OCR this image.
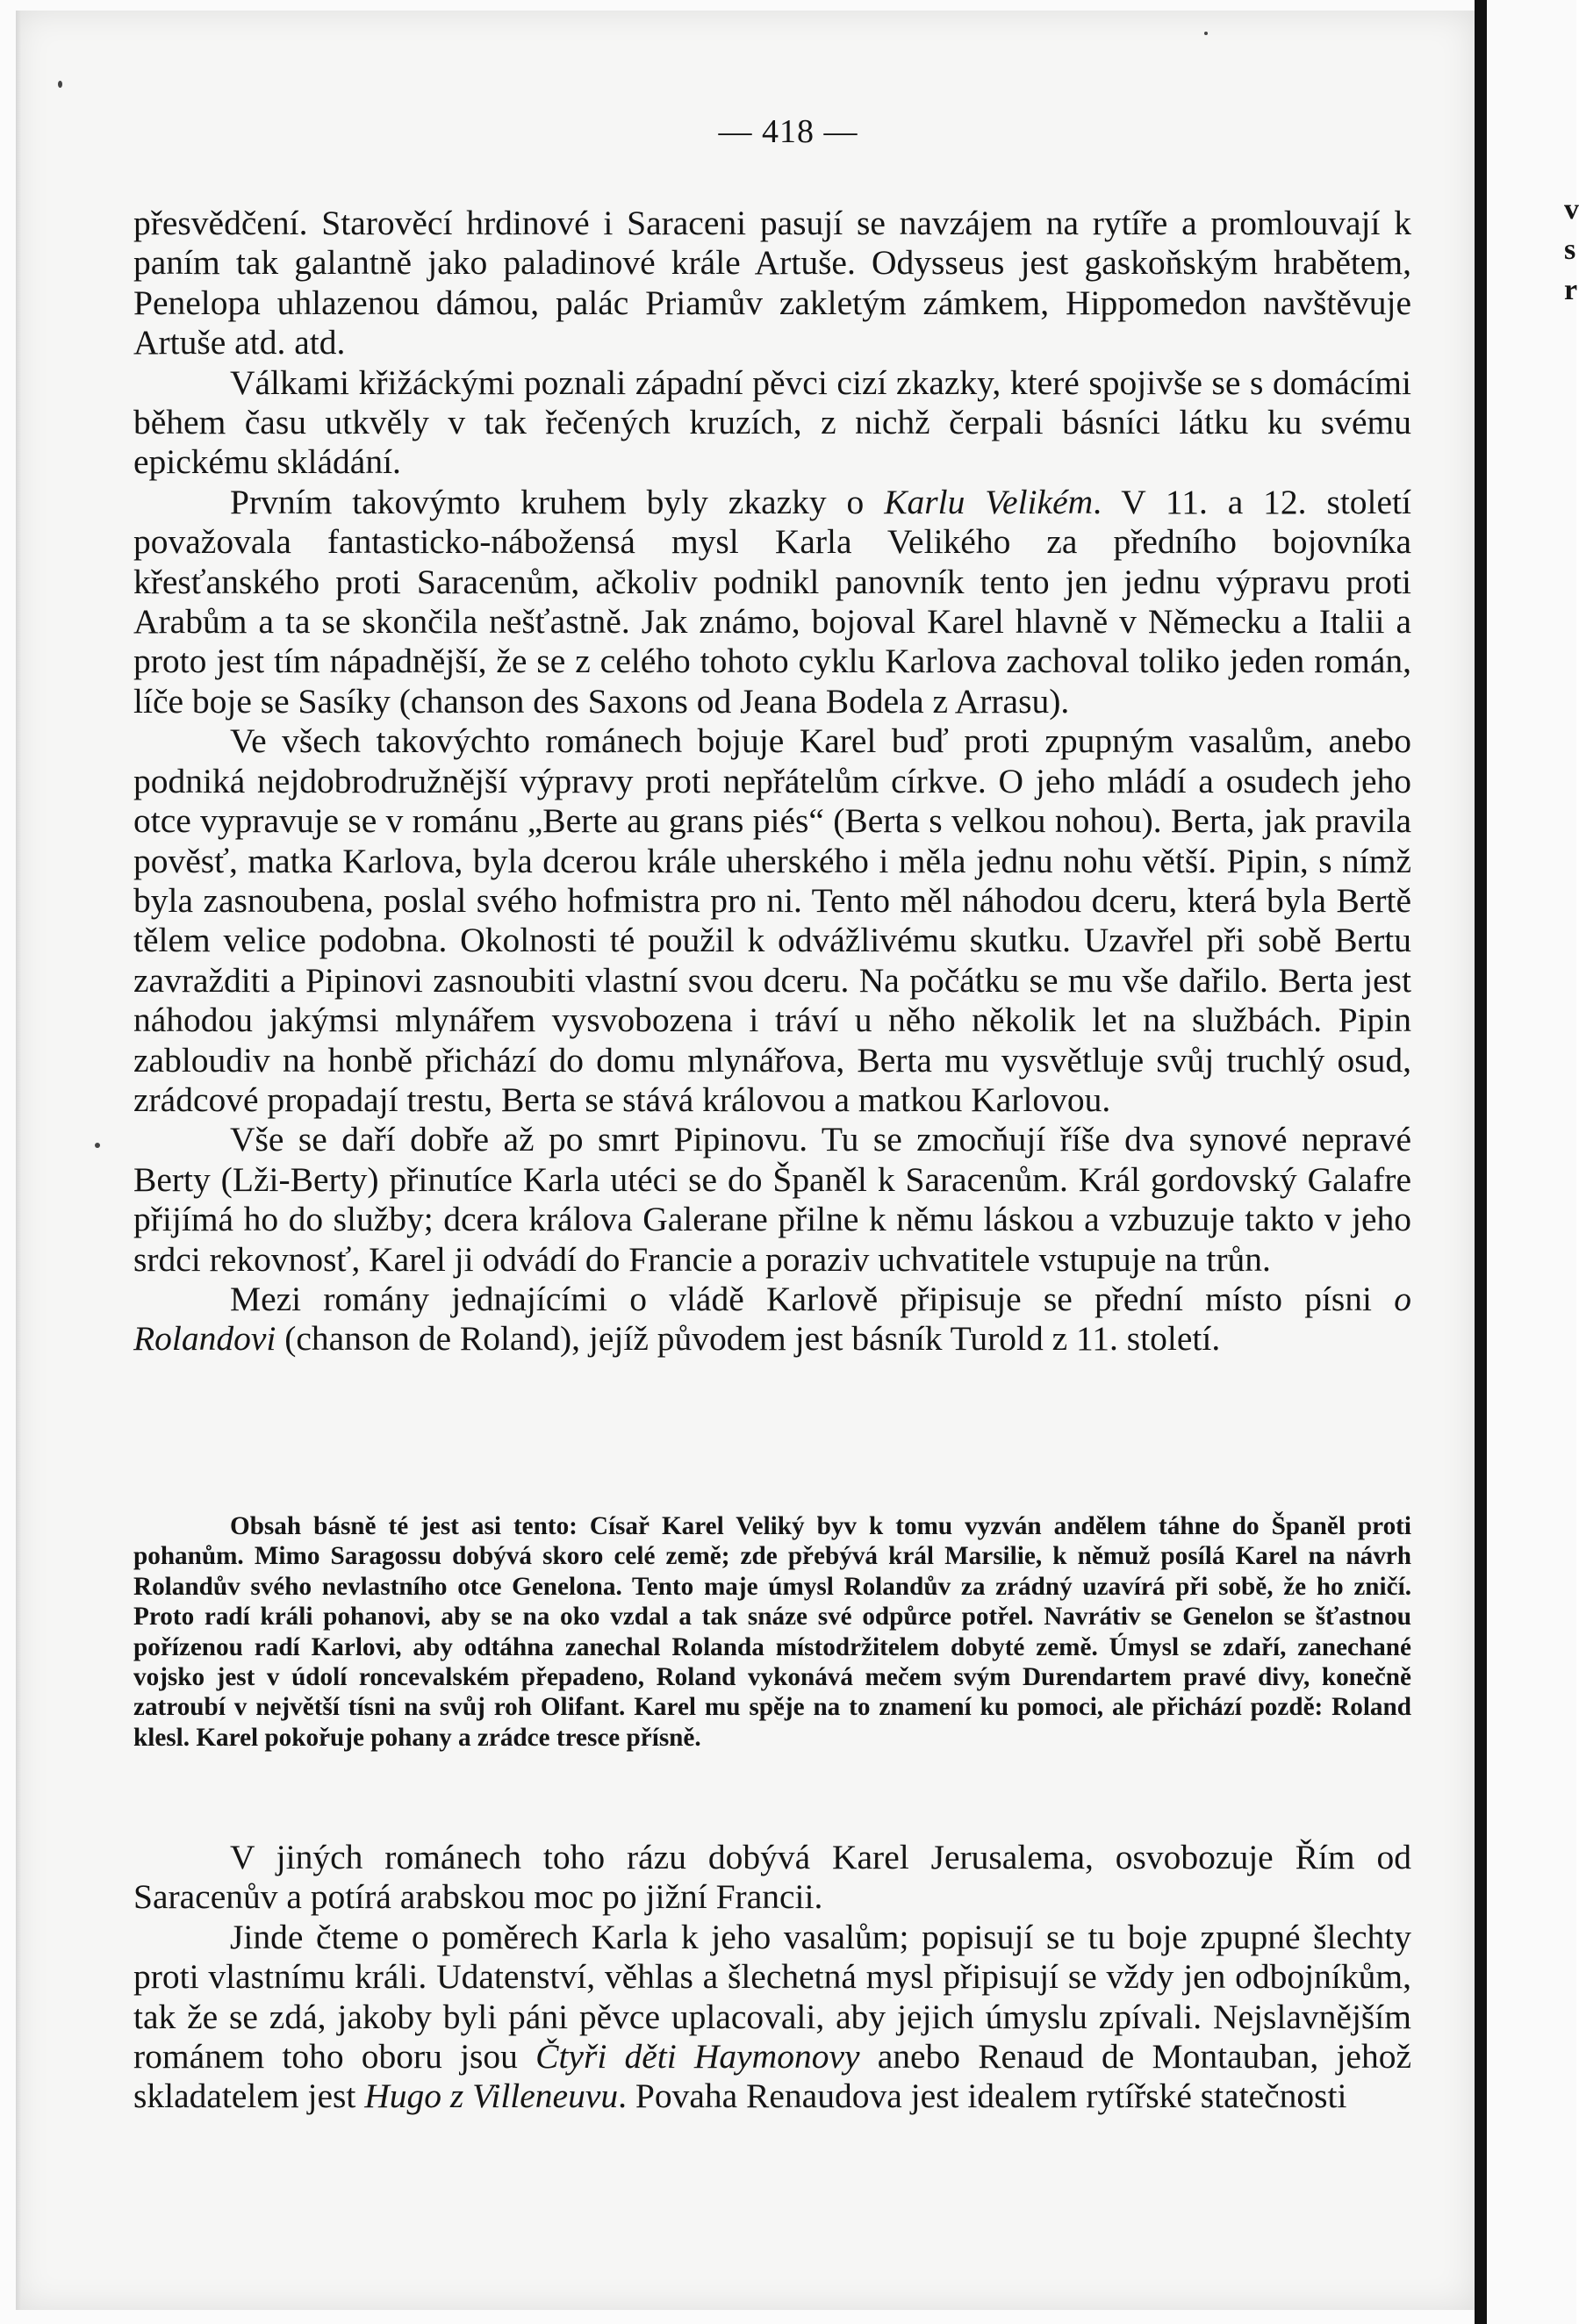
v
s
r
— 418 —

přesvědčení. Starověcí hrdinové i Saraceni pasují se navzájem na rytíře a promlouvají k paním tak galantně jako paladinové krále Artuše. Odysseus jest gaskoňským hrabětem, Penelopa uhlazenou dámou, palác Priamův zakletým zámkem, Hippomedon navštěvuje Artuše atd. atd.

Válkami křižáckými poznali západní pěvci cizí zkazky, které spojivše se s domácími během času utkvěly v tak řečených kruzích, z nichž čerpali básníci látku ku svému epickému skládání.

Prvním takovýmto kruhem byly zkazky o Karlu Velikém. V 11. a 12. století považovala fantasticko-nábožensá mysl Karla Velikého za předního bojovníka křesťanského proti Saracenům, ačkoliv podnikl panovník tento jen jednu výpravu proti Arabům a ta se skončila nešťastně. Jak známo, bojoval Karel hlavně v Německu a Italii a proto jest tím nápadnější, že se z celého tohoto cyklu Karlova zachoval toliko jeden román, líče boje se Sasíky (chanson des Saxons od Jeana Bodela z Arrasu).

Ve všech takovýchto románech bojuje Karel buď proti zpupným vasalům, anebo podniká nejdobrodružnější výpravy proti nepřátelům církve. O jeho mládí a osudech jeho otce vypravuje se v románu „Berte au grans piés“ (Berta s velkou nohou). Berta, jak pravila pověsť, matka Karlova, byla dcerou krále uherského i měla jednu nohu větší. Pipin, s nímž byla zasnoubena, poslal svého hofmistra pro ni. Tento měl náhodou dceru, která byla Bertě tělem velice podobna. Okolnosti té použil k odvážlivému skutku. Uzavřel při sobě Bertu zavražditi a Pipinovi zasnoubiti vlastní svou dceru. Na počátku se mu vše dařilo. Berta jest náhodou jakýmsi mlynářem vysvobozena i tráví u něho několik let na službách. Pipin zabloudiv na honbě přichází do domu mlynářova, Berta mu vysvětluje svůj truchlý osud, zrádcové propadají trestu, Berta se stává královou a matkou Karlovou.

Vše se daří dobře až po smrt Pipinovu. Tu se zmocňují říše dva synové nepravé Berty (Lži-Berty) přinutíce Karla utéci se do Španěl k Saracenům. Král gordovský Galafre přijímá ho do služby; dcera králova Galerane přilne k němu láskou a vzbuzuje takto v jeho srdci rekovnosť, Karel ji odvádí do Francie a poraziv uchvatitele vstupuje na trůn.

Mezi romány jednajícími o vládě Karlově připisuje se přední místo písni o Rolandovi (chanson de Roland), jejíž původem jest básník Turold z 11. století.

Obsah básně té jest asi tento: Císař Karel Veliký byv k tomu vyzván andělem táhne do Španěl proti pohanům. Mimo Saragossu dobývá skoro celé země; zde přebývá král Marsilie, k němuž posílá Karel na návrh Rolandův svého nevlastního otce Genelona. Tento maje úmysl Rolandův za zrádný uzavírá při sobě, že ho zničí. Proto radí králi pohanovi, aby se na oko vzdal a tak snáze své odpůrce potřel. Navrátiv se Genelon se šťastnou pořízenou radí Karlovi, aby odtáhna zanechal Rolanda místodržitelem dobyté země. Úmysl se zdaří, zanechané vojsko jest v údolí roncevalském přepadeno, Roland vykonává mečem svým Durendartem pravé divy, konečně zatroubí v největší tísni na svůj roh Olifant. Karel mu spěje na to znamení ku pomoci, ale přichází pozdě: Roland klesl. Karel pokořuje pohany a zrádce tresce přísně.

V jiných románech toho rázu dobývá Karel Jerusalema, osvobozuje Řím od Saracenův a potírá arabskou moc po jižní Francii.

Jinde čteme o poměrech Karla k jeho vasalům; popisují se tu boje zpupné šlechty proti vlastnímu králi. Udatenství, věhlas a šlechetná mysl připisují se vždy jen odbojníkům, tak že se zdá, jakoby byli páni pěvce uplacovali, aby jejich úmyslu zpívali. Nejslavnějším románem toho oboru jsou Čtyři děti Haymonovy anebo Renaud de Montauban, jehož skladatelem jest Hugo z Villeneuvu. Povaha Renaudova jest idealem rytířské statečnosti
